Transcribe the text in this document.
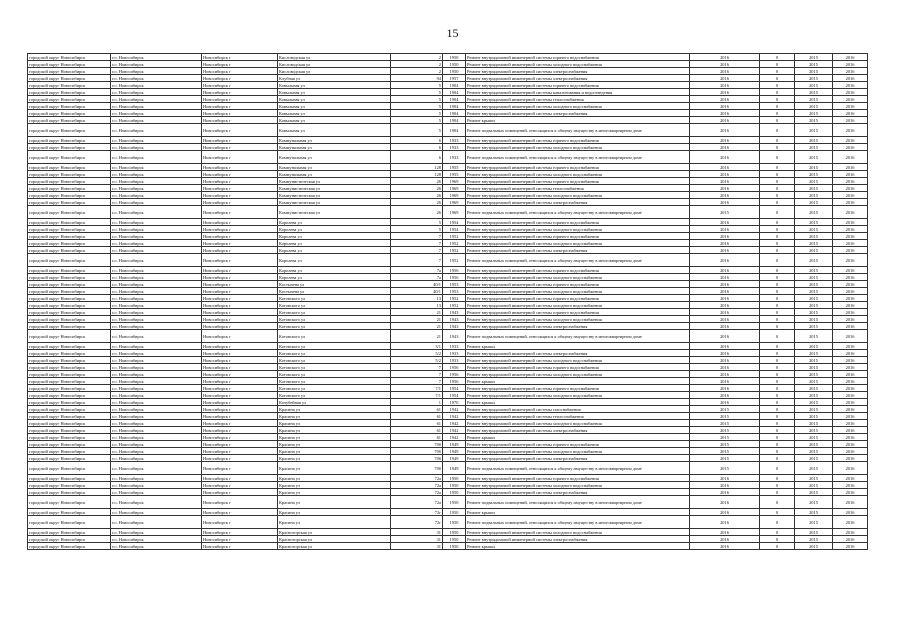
15
городской округ Новосибирск	г.о. Новосибирск	Новосибирск г	Кисловодская ул	2	1950	Ремонт внутридомовой инженерной системы горячего водоснабжения	2016	0	2015	2016
городской округ Новосибирск	г.о. Новосибирск	Новосибирск г	Кисловодская ул	2	1950	Ремонт внутридомовой инженерной системы холодного водоснабжения	2016	0	2015	2016
городской округ Новосибирск	г.о. Новосибирск	Новосибирск г	Кисловодская ул	2	1950	Ремонт внутридомовой инженерной системы электроснабжения	2016	0	2015	2016
городской округ Новосибирск	г.о. Новосибирск	Новосибирск г	Клубная ул	94	1957	Ремонт внутридомовой инженерной системы электроснабжения	2016	0	2015	2016
городской округ Новосибирск	г.о. Новосибирск	Новосибирск г	Ковыльная ул	5	1904	Ремонт внутридомовой инженерной системы горячего водоснабжения	2016	0	2015	2016
городской округ Новосибирск	г.о. Новосибирск	Новосибирск г	Ковыльная ул	5	1904	Ремонт внутридомовой инженерной системы канализования и водоотведения	2016	0	2015	2016
городской округ Новосибирск	г.о. Новосибирск	Новосибирск г	Ковыльная ул	5	1904	Ремонт внутридомовой инженерной системы теплоснабжения	2016	0	2015	2016
городской округ Новосибирск	г.о. Новосибирск	Новосибирск г	Ковыльная ул	5	1904	Ремонт внутридомовой инженерной системы холодного водоснабжения	2016	0	2015	2016
городской округ Новосибирск	г.о. Новосибирск	Новосибирск г	Ковыльная ул	5	1904	Ремонт внутридомовой инженерной системы электроснабжения	2016	0	2015	2016
городской округ Новосибирск	г.о. Новосибирск	Новосибирск г	Ковыльная ул	5	1904	Ремонт крыши	2016	0	2015	2016
городской округ Новосибирск	г.о. Новосибирск	Новосибирск г	Ковыльная ул	5	1904	Ремонт подвальных помещений, относящихся к общему имуществу в многоквартирном доме	2016	0	2015	2016
городской округ Новосибирск	г.о. Новосибирск	Новосибирск г	Коммунальная ул	6	1933	Ремонт внутридомовой инженерной системы горячего водоснабжения	2016	0	2015	2016
городской округ Новосибирск	г.о. Новосибирск	Новосибирск г	Коммунальная ул	6	1933	Ремонт внутридомовой инженерной системы холодного водоснабжения	2016	0	2015	2016
городской округ Новосибирск	г.о. Новосибирск	Новосибирск г	Коммунальная ул	6	1933	Ремонт подвальных помещений, относящихся к общему имуществу в многоквартирном доме	2016	0	2015	2016
городской округ Новосибирск	г.о. Новосибирск	Новосибирск г	Коммунальная ул	128	1955	Ремонт внутридомовой инженерной системы горячего водоснабжения	2016	0	2015	2016
городской округ Новосибирск	г.о. Новосибирск	Новосибирск г	Коммунальная ул	128	1955	Ремонт внутридомовой инженерной системы холодного водоснабжения	2016	0	2015	2016
городской округ Новосибирск	г.о. Новосибирск	Новосибирск г	Коммунистическая ул	26	1969	Ремонт внутридомовой инженерной системы горячего водоснабжения	2016	0	2015	2016
городской округ Новосибирск	г.о. Новосибирск	Новосибирск г	Коммунистическая ул	26	1969	Ремонт внутридомовой инженерной системы теплоснабжения	2016	0	2015	2016
городской округ Новосибирск	г.о. Новосибирск	Новосибирск г	Коммунистическая ул	26	1969	Ремонт внутридомовой инженерной системы холодного водоснабжения	2016	0	2015	2016
городской округ Новосибирск	г.о. Новосибирск	Новосибирск г	Коммунистическая ул	26	1969	Ремонт внутридомовой инженерной системы электроснабжения	2016	0	2015	2016
городской округ Новосибирск	г.о. Новосибирск	Новосибирск г	Коммунистическая ул	26	1969	Ремонт подвальных помещений, относящихся к общему имуществу в многоквартирном доме	2015	0	2015	2016
городской округ Новосибирск	г.о. Новосибирск	Новосибирск г	Королева ул	5	1954	Ремонт внутридомовой инженерной системы горячего водоснабжения	2016	0	2015	2016
городской округ Новосибирск	г.о. Новосибирск	Новосибирск г	Королева ул	5	1954	Ремонт внутридомовой инженерной системы холодного водоснабжения	2016	0	2015	2016
городской округ Новосибирск	г.о. Новосибирск	Новосибирск г	Королева ул	7	1952	Ремонт внутридомовой инженерной системы горячего водоснабжения	2016	0	2015	2016
городской округ Новосибирск	г.о. Новосибирск	Новосибирск г	Королева ул	7	1952	Ремонт внутридомовой инженерной системы холодного водоснабжения	2016	0	2015	2016
городской округ Новосибирск	г.о. Новосибирск	Новосибирск г	Королева ул	7	1952	Ремонт внутридомовой инженерной системы электроснабжения	2016	0	2015	2016
городской округ Новосибирск	г.о. Новосибирск	Новосибирск г	Королева ул	7	1952	Ремонт подвальных помещений, относящихся к общему имуществу в многоквартирном доме	2016	0	2015	2016
городской округ Новосибирск	г.о. Новосибирск	Новосибирск г	Королева ул	7а	1956	Ремонт внутридомовой инженерной системы горячего водоснабжения	2016	0	2015	2016
городской округ Новосибирск	г.о. Новосибирск	Новосибирск г	Королева ул	7а	1956	Ремонт внутридомовой инженерной системы холодного водоснабжения	2016	0	2015	2016
городской округ Новосибирск	г.о. Новосибирск	Новосибирск г	Костычева ул	40/1	1953	Ремонт внутридомовой инженерной системы горячего водоснабжения	2016	0	2015	2016
городской округ Новосибирск	г.о. Новосибирск	Новосибирск г	Костычева ул	40/1	1953	Ремонт внутридомовой инженерной системы холодного водоснабжения	2016	0	2015	2016
городской округ Новосибирск	г.о. Новосибирск	Новосибирск г	Котовского ул	13	1952	Ремонт внутридомовой инженерной системы горячего водоснабжения	2016	0	2015	2016
городской округ Новосибирск	г.о. Новосибирск	Новосибирск г	Котовского ул	13	1952	Ремонт внутридомовой инженерной системы холодного водоснабжения	2016	0	2015	2016
городской округ Новосибирск	г.о. Новосибирск	Новосибирск г	Котовского ул	21	1943	Ремонт внутридомовой инженерной системы горячего водоснабжения	2016	0	2015	2016
городской округ Новосибирск	г.о. Новосибирск	Новосибирск г	Котовского ул	21	1943	Ремонт внутридомовой инженерной системы холодного водоснабжения	2016	0	2015	2016
городской округ Новосибирск	г.о. Новосибирск	Новосибирск г	Котовского ул	21	1943	Ремонт внутридомовой инженерной системы электроснабжения	2016	0	2015	2016
городской округ Новосибирск	г.о. Новосибирск	Новосибирск г	Котовского ул	21	1943	Ремонт подвальных помещений, относящихся к общему имуществу в многоквартирном доме	2016	0	2015	2016
городской округ Новосибирск	г.о. Новосибирск	Новосибирск г	Котовского ул	3/1	1933	Ремонт крыши	2016	0	2015	2016
городской округ Новосибирск	г.о. Новосибирск	Новосибирск г	Котовского ул	5/2	1933	Ремонт внутридомовой инженерной системы электроснабжения	2016	0	2015	2016
городской округ Новосибирск	г.о. Новосибирск	Новосибирск г	Котовского ул	5/2	1933	Ремонт внутридомовой инженерной системы холодного водоснабжения	2016	0	2015	2016
городской округ Новосибирск	г.о. Новосибирск	Новосибирск г	Котовского ул	7	1956	Ремонт внутридомовой инженерной системы горячего водоснабжения	2016	0	2015	2016
городской округ Новосибирск	г.о. Новосибирск	Новосибирск г	Котовского ул	7	1956	Ремонт внутридомовой инженерной системы холодного водоснабжения	2016	0	2015	2016
городской округ Новосибирск	г.о. Новосибирск	Новосибирск г	Котовского ул	7	1956	Ремонт крыши	2016	0	2015	2016
городской округ Новосибирск	г.о. Новосибирск	Новосибирск г	Котовского ул	7/1	1954	Ремонт внутридомовой инженерной системы горячего водоснабжения	2016	0	2015	2016
городской округ Новосибирск	г.о. Новосибирск	Новосибирск г	Котовского ул	7/1	1954	Ремонт внутридомовой инженерной системы холодного водоснабжения	2016	0	2015	2016
городской округ Новосибирск	г.о. Новосибирск	Новосибирск г	Кочубейная ул	1	1970	Ремонт крыши	2016	0	2015	2016
городской округ Новосибирск	г.о. Новосибирск	Новосибирск г	Красина ул	61	1942	Ремонт внутридомовой инженерной системы газоснабжения	2015	0	2015	2016
городской округ Новосибирск	г.о. Новосибирск	Новосибирск г	Красина ул	61	1942	Ремонт внутридомовой инженерной системы теплоснабжения	2015	0	2015	2016
городской округ Новосибирск	г.о. Новосибирск	Новосибирск г	Красина ул	61	1942	Ремонт внутридомовой инженерной системы холодного водоснабжения	2015	0	2015	2016
городской округ Новосибирск	г.о. Новосибирск	Новосибирск г	Красина ул	61	1942	Ремонт внутридомовой инженерной системы электроснабжения	2015	0	2015	2016
городской округ Новосибирск	г.о. Новосибирск	Новосибирск г	Красина ул	61	1942	Ремонт крыши	2015	0	2015	2016
городской округ Новосибирск	г.о. Новосибирск	Новосибирск г	Красина ул	70б	1949	Ремонт внутридомовой инженерной системы горячего водоснабжения	2015	0	2015	2016
городской округ Новосибирск	г.о. Новосибирск	Новосибирск г	Красина ул	70б	1949	Ремонт внутридомовой инженерной системы холодного водоснабжения	2015	0	2015	2016
городской округ Новосибирск	г.о. Новосибирск	Новосибирск г	Красина ул	70б	1949	Ремонт внутридомовой инженерной системы электроснабжения	2015	0	2015	2016
городской округ Новосибирск	г.о. Новосибирск	Новосибирск г	Красина ул	70б	1949	Ремонт подвальных помещений, относящихся к общему имуществу в многоквартирном доме	2015	0	2015	2016
городской округ Новосибирск	г.о. Новосибирск	Новосибирск г	Красина ул	72а	1950	Ремонт внутридомовой инженерной системы горячего водоснабжения	2016	0	2015	2016
городской округ Новосибирск	г.о. Новосибирск	Новосибирск г	Красина ул	72а	1950	Ремонт внутридомовой инженерной системы холодного водоснабжения	2016	0	2015	2016
городской округ Новосибирск	г.о. Новосибирск	Новосибирск г	Красина ул	72а	1950	Ремонт внутридомовой инженерной системы электроснабжения	2016	0	2015	2016
городской округ Новосибирск	г.о. Новосибирск	Новосибирск г	Красина ул	72а	1950	Ремонт подвальных помещений, относящихся к общему имуществу в многоквартирном доме	2016	0	2015	2016
городской округ Новосибирск	г.о. Новосибирск	Новосибирск г	Красина ул	72г	1950	Ремонт крыши	2016	0	2015	2016
городской округ Новосибирск	г.о. Новосибирск	Новосибирск г	Красина ул	72г	1950	Ремонт подвальных помещений, относящихся к общему имуществу в многоквартирном доме	2016	0	2015	2016
городской округ Новосибирск	г.о. Новосибирск	Новосибирск г	Красноторская ул	31	1950	Ремонт внутридомовой инженерной системы холодного водоснабжения	2016	0	2015	2016
городской округ Новосибирск	г.о. Новосибирск	Новосибирск г	Красноторская ул	31	1950	Ремонт внутридомовой инженерной системы электроснабжения	2016	0	2015	2016
городской округ Новосибирск	г.о. Новосибирск	Новосибирск г	Красноторская ул	31	1950	Ремонт крыши	2016	0	2015	2016
